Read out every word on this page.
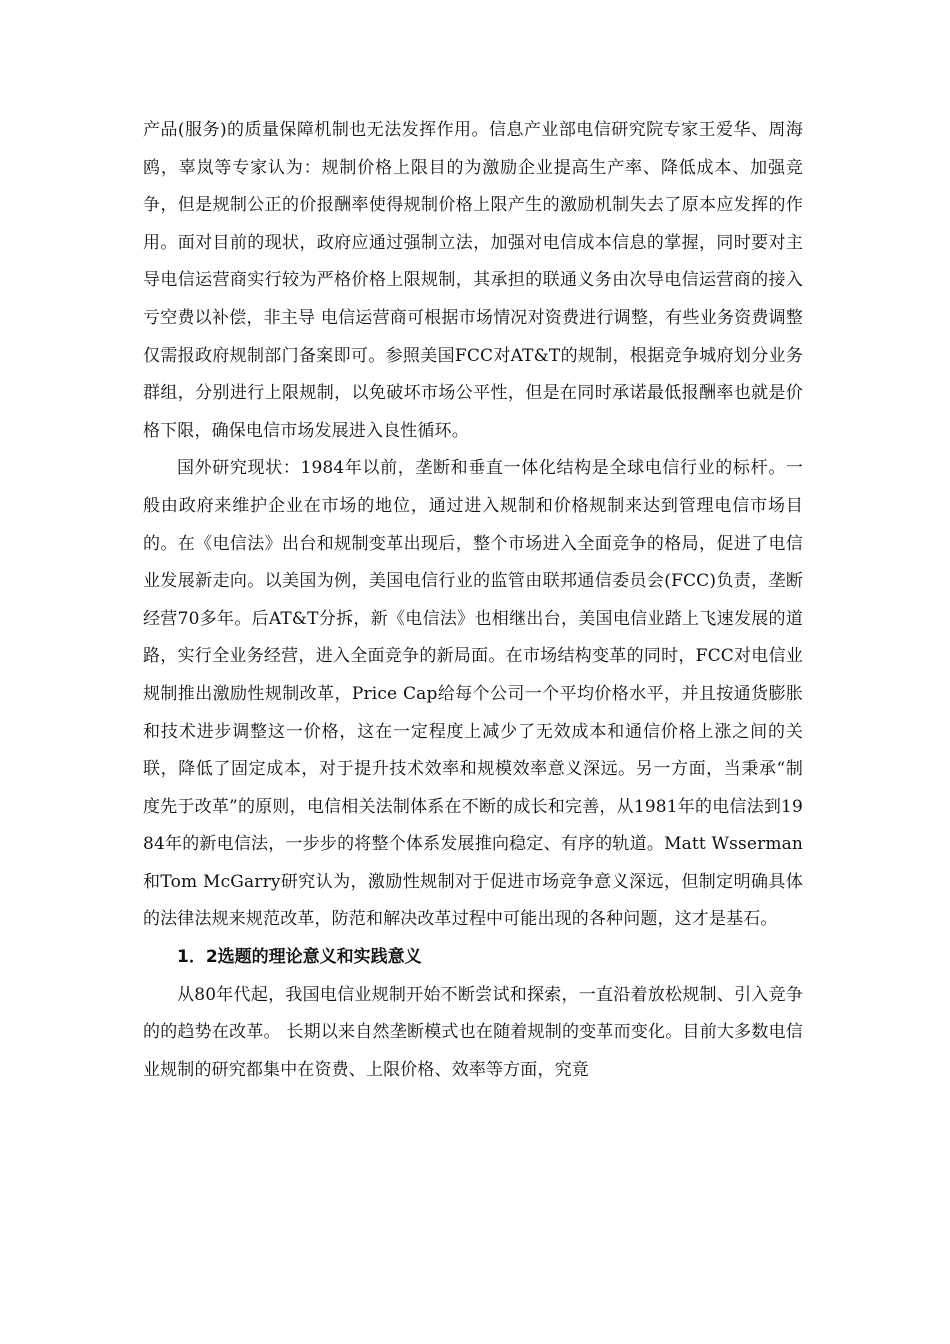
产品(服务)的质量保障机制也无法发挥作用。信息产业部电信研究院专家王爱华、周海鸥，辜岚等专家认为：规制价格上限目的为激励企业提高生产率、降低成本、加强竞争，但是规制公正的价报酬率使得规制价格上限产生的激励机制失去了原本应发挥的作用。面对目前的现状，政府应通过强制立法，加强对电信成本信息的掌握，同时要对主导电信运营商实行较为严格价格上限规制，其承担的联通义务由次导电信运营商的接入亏空费以补偿，非主导 电信运营商可根据市场情况对资费进行调整，有些业务资费调整仅需报政府规制部门备案即可。参照美国FCC对AT&T的规制，根据竞争城府划分业务群组，分别进行上限规制，以免破坏市场公平性，但是在同时承诺最低报酬率也就是价格下限，确保电信市场发展进入良性循环。

国外研究现状：1984年以前，垄断和垂直一体化结构是全球电信行业的标杆。一般由政府来维护企业在市场的地位，通过进入规制和价格规制来达到管理电信市场目的。在《电信法》出台和规制变革出现后，整个市场进入全面竞争的格局，促进了电信业发展新走向。以美国为例，美国电信行业的监管由联邦通信委员会(FCC)负责，垄断经营70多年。后AT&T分拆，新《电信法》也相继出台，美国电信业踏上飞速发展的道路，实行全业务经营，进入全面竞争的新局面。在市场结构变革的同时，FCC对电信业规制推出激励性规制改革，Price Cap给每个公司一个平均价格水平，并且按通货膨胀和技术进步调整这一价格，这在一定程度上减少了无效成本和通信价格上涨之间的关联，降低了固定成本，对于提升技术效率和规模效率意义深远。另一方面，当秉承“制度先于改革”的原则，电信相关法制体系在不断的成长和完善，从1981年的电信法到1984年的新电信法，一步步的将整个体系发展推向稳定、有序的轨道。Matt Wsserman和Tom McGarry研究认为，激励性规制对于促进市场竞争意义深远，但制定明确具体的法律法规来规范改革，防范和解决改革过程中可能出现的各种问题，这才是基石。

1．2选题的理论意义和实践意义

从80年代起，我国电信业规制开始不断尝试和探索，一直沿着放松规制、引入竞争的的趋势在改革。 长期以来自然垄断模式也在随着规制的变革而变化。目前大多数电信业规制的研究都集中在资费、上限价格、效率等方面，究竟
